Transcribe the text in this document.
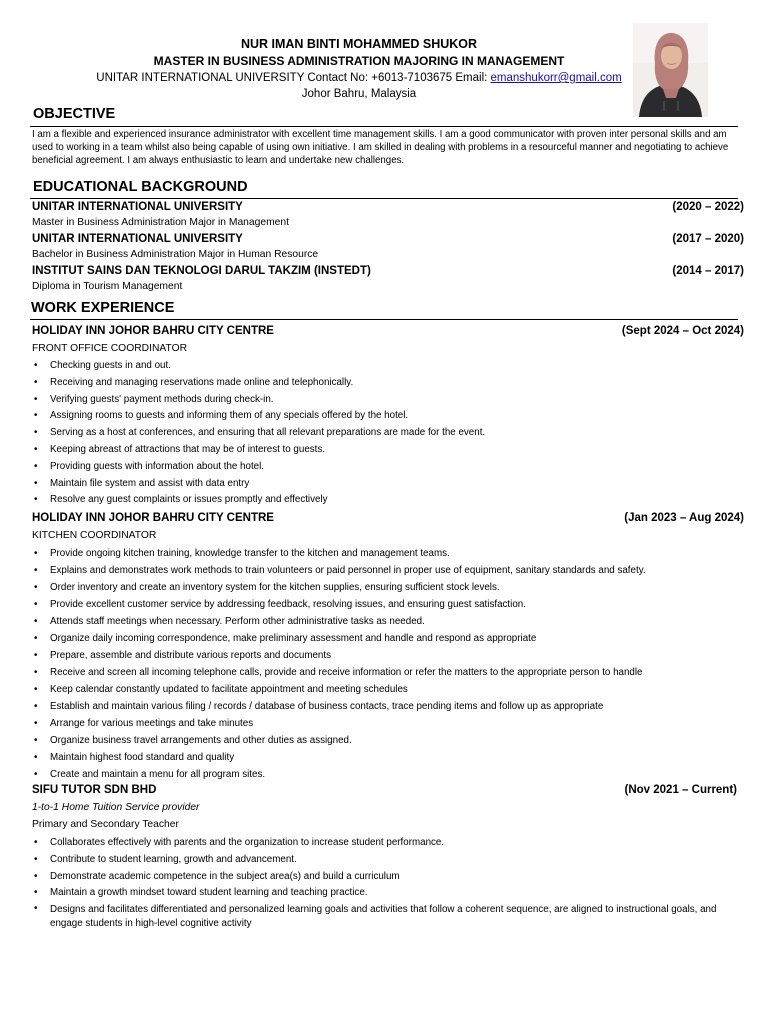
NUR IMAN BINTI MOHAMMED SHUKOR
MASTER IN BUSINESS ADMINISTRATION MAJORING IN MANAGEMENT
UNITAR INTERNATIONAL UNIVERSITY Contact No: +6013-7103675 Email: emanshukorr@gmail.com
Johor Bahru, Malaysia
OBJECTIVE
I am a flexible and experienced insurance administrator with excellent time management skills. I am a good communicator with proven inter personal skills and am used to working in a team whilst also being capable of using own initiative. I am skilled in dealing with problems in a resourceful manner and negotiating to achieve beneficial agreement. I am always enthusiastic to learn and undertake new challenges.
EDUCATIONAL BACKGROUND
UNITAR INTERNATIONAL UNIVERSITY	(2020 – 2022)
Master in Business Administration Major in Management
UNITAR INTERNATIONAL UNIVERSITY	(2017 – 2020)
Bachelor in Business Administration Major in Human Resource
INSTITUT SAINS DAN TEKNOLOGI DARUL TAKZIM (INSTEDT)	(2014 – 2017)
Diploma in Tourism Management
WORK EXPERIENCE
HOLIDAY INN JOHOR BAHRU CITY CENTRE	(Sept 2024 – Oct 2024)
FRONT OFFICE COORDINATOR
• Checking guests in and out.
• Receiving and managing reservations made online and telephonically.
• Verifying guests' payment methods during check-in.
• Assigning rooms to guests and informing them of any specials offered by the hotel.
• Serving as a host at conferences, and ensuring that all relevant preparations are made for the event.
• Keeping abreast of attractions that may be of interest to guests.
• Providing guests with information about the hotel.
• Maintain file system and assist with data entry
• Resolve any guest complaints or issues promptly and effectively
HOLIDAY INN JOHOR BAHRU CITY CENTRE	(Jan 2023 – Aug 2024)
KITCHEN COORDINATOR
• Provide ongoing kitchen training, knowledge transfer to the kitchen and management teams.
• Explains and demonstrates work methods to train volunteers or paid personnel in proper use of equipment, sanitary standards and safety.
• Order inventory and create an inventory system for the kitchen supplies, ensuring sufficient stock levels.
• Provide excellent customer service by addressing feedback, resolving issues, and ensuring guest satisfaction.
• Attends staff meetings when necessary. Perform other administrative tasks as needed.
• Organize daily incoming correspondence, make preliminary assessment and handle and respond as appropriate
• Prepare, assemble and distribute various reports and documents
• Receive and screen all incoming telephone calls, provide and receive information or refer the matters to the appropriate person to handle
• Keep calendar constantly updated to facilitate appointment and meeting schedules
• Establish and maintain various filing / records / database of business contacts, trace pending items and follow up as appropriate
• Arrange for various meetings and take minutes
• Organize business travel arrangements and other duties as assigned.
• Maintain highest food standard and quality
• Create and maintain a menu for all program sites.
SIFU TUTOR SDN BHD	(Nov 2021 – Current)
1-to-1 Home Tuition Service provider
Primary and Secondary Teacher
• Collaborates effectively with parents and the organization to increase student performance.
• Contribute to student learning, growth and advancement.
• Demonstrate academic competence in the subject area(s) and build a curriculum
• Maintain a growth mindset toward student learning and teaching practice.
• Designs and facilitates differentiated and personalized learning goals and activities that follow a coherent sequence, are aligned to instructional goals, and engage students in high-level cognitive activity
